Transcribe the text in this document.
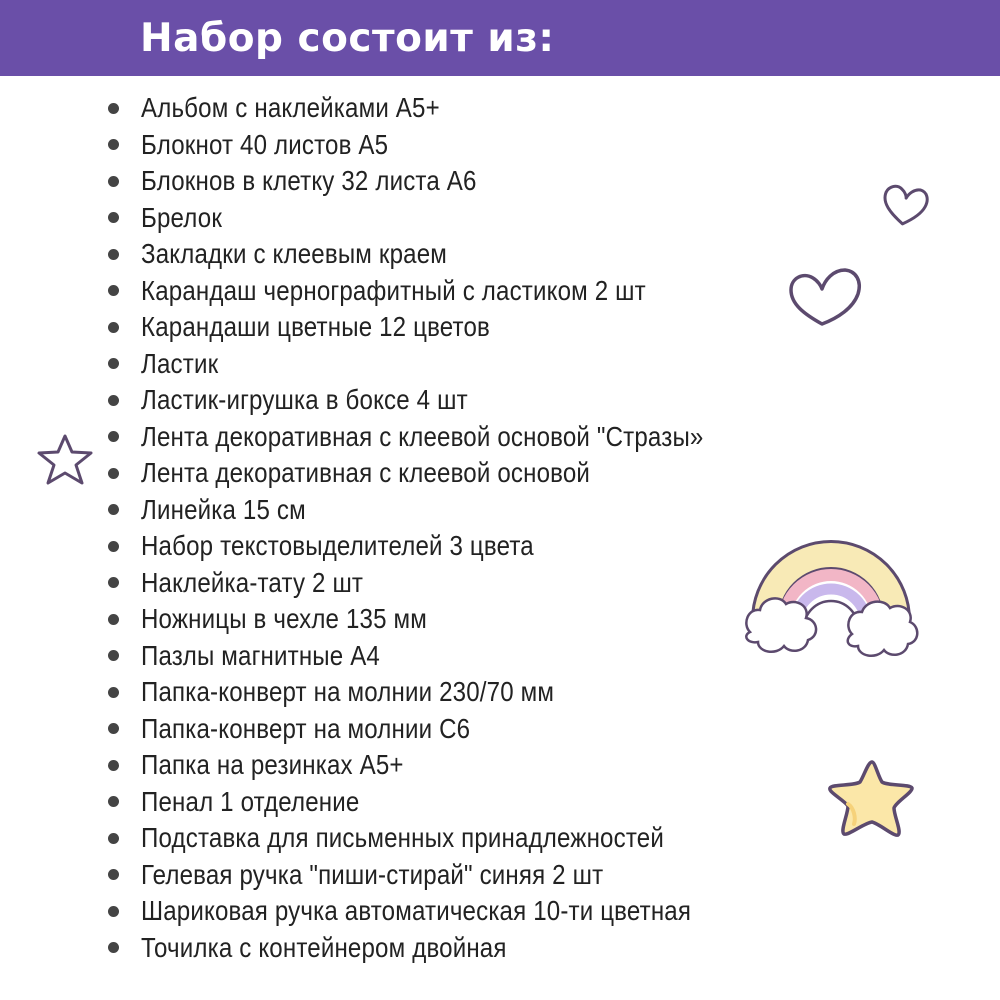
Набор состоит из:
Альбом с наклейками А5+
Блокнот 40 листов А5
Блокнов в клетку 32 листа А6
Брелок
Закладки с клеевым краем
Карандаш чернографитный с ластиком 2 шт
Карандаши цветные 12 цветов
Ластик
Ластик-игрушка в боксе 4 шт
Лента декоративная с клеевой основой "Стразы»
Лента декоративная с клеевой основой
Линейка 15 см
Набор текстовыделителей 3 цвета
Наклейка-тату 2 шт
Ножницы в чехле 135 мм
Пазлы магнитные А4
Папка-конверт на молнии 230/70 мм
Папка-конверт на молнии С6
Папка на резинках А5+
Пенал 1 отделение
Подставка для письменных принадлежностей
Гелевая ручка "пиши-стирай" синяя 2 шт
Шариковая ручка автоматическая 10-ти цветная
Точилка с контейнером двойная
